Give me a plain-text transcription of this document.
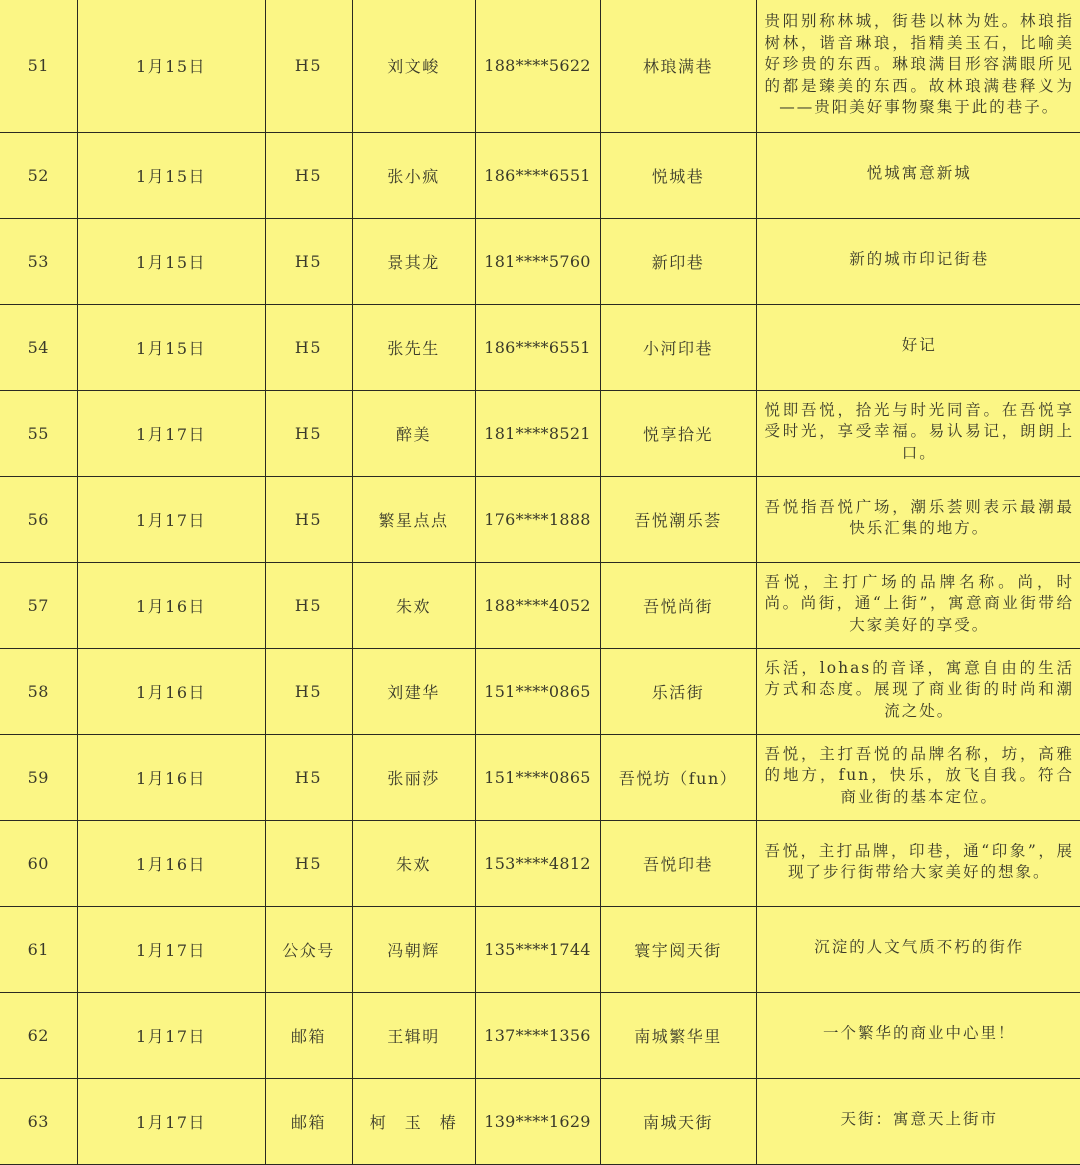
51	1月15日	H5	刘文峻	188****5622	林琅满巷	贵阳别称林城，街巷以林为姓。林琅指树林，谐音琳琅，指精美玉石，比喻美好珍贵的东西。琳琅满目形容满眼所见的都是臻美的东西。故林琅满巷释义为——贵阳美好事物聚集于此的巷子。
52	1月15日	H5	张小疯	186****6551	悦城巷	悦城寓意新城
53	1月15日	H5	景其龙	181****5760	新印巷	新的城市印记街巷
54	1月15日	H5	张先生	186****6551	小河印巷	好记
55	1月17日	H5	醉美	181****8521	悦享拾光	悦即吾悦，拾光与时光同音。在吾悦享受时光，享受幸福。易认易记，朗朗上口。
56	1月17日	H5	繁星点点	176****1888	吾悦潮乐荟	吾悦指吾悦广场，潮乐荟则表示最潮最快乐汇集的地方。
57	1月16日	H5	朱欢	188****4052	吾悦尚街	吾悦，主打广场的品牌名称。尚，时尚。尚街，通“上街”，寓意商业街带给大家美好的享受。
58	1月16日	H5	刘建华	151****0865	乐活街	乐活，lohas的音译，寓意自由的生活方式和态度。展现了商业街的时尚和潮流之处。
59	1月16日	H5	张丽莎	151****0865	吾悦坊（fun）	吾悦，主打吾悦的品牌名称，坊，高雅的地方，fun，快乐，放飞自我。符合商业街的基本定位。
60	1月16日	H5	朱欢	153****4812	吾悦印巷	吾悦，主打品牌，印巷，通“印象”，展现了步行街带给大家美好的想象。
61	1月17日	公众号	冯朝辉	135****1744	寰宇阅天街	沉淀的人文气质不朽的街作
62	1月17日	邮箱	王辑明	137****1356	南城繁华里	一个繁华的商业中心里！
63	1月17日	邮箱	柯　玉　椿	139****1629	南城天街	天街：寓意天上街市
